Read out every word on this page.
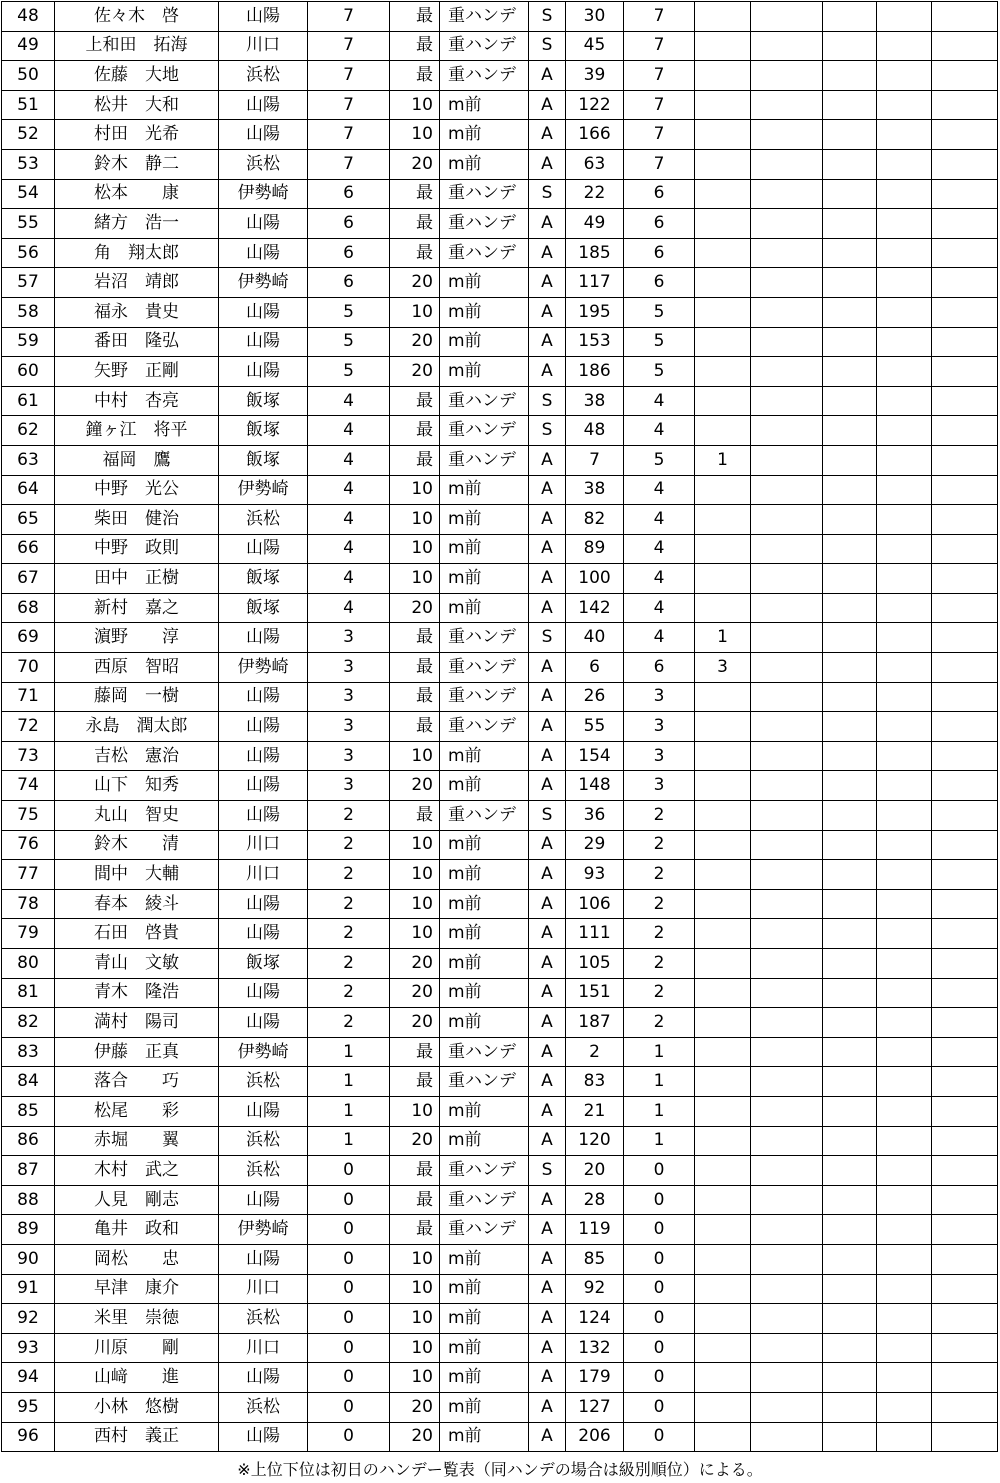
48	佐々木　啓	山陽	7	最	重ハンデ	S	30	7					
49	上和田　拓海	川口	7	最	重ハンデ	S	45	7					
50	佐藤　大地	浜松	7	最	重ハンデ	A	39	7					
51	松井　大和	山陽	7	10	m前	A	122	7					
52	村田　光希	山陽	7	10	m前	A	166	7					
53	鈴木　静二	浜松	7	20	m前	A	63	7					
54	松本　　康	伊勢崎	6	最	重ハンデ	S	22	6					
55	緒方　浩一	山陽	6	最	重ハンデ	A	49	6					
56	角　翔太郎	山陽	6	最	重ハンデ	A	185	6					
57	岩沼　靖郎	伊勢崎	6	20	m前	A	117	6					
58	福永　貴史	山陽	5	10	m前	A	195	5					
59	番田　隆弘	山陽	5	20	m前	A	153	5					
60	矢野　正剛	山陽	5	20	m前	A	186	5					
61	中村　杏亮	飯塚	4	最	重ハンデ	S	38	4					
62	鐘ヶ江　将平	飯塚	4	最	重ハンデ	S	48	4					
63	福岡　鷹	飯塚	4	最	重ハンデ	A	7	5	1				
64	中野　光公	伊勢崎	4	10	m前	A	38	4					
65	柴田　健治	浜松	4	10	m前	A	82	4					
66	中野　政則	山陽	4	10	m前	A	89	4					
67	田中　正樹	飯塚	4	10	m前	A	100	4					
68	新村　嘉之	飯塚	4	20	m前	A	142	4					
69	濵野　　淳	山陽	3	最	重ハンデ	S	40	4	1				
70	西原　智昭	伊勢崎	3	最	重ハンデ	A	6	6	3				
71	藤岡　一樹	山陽	3	最	重ハンデ	A	26	3					
72	永島　潤太郎	山陽	3	最	重ハンデ	A	55	3					
73	吉松　憲治	山陽	3	10	m前	A	154	3					
74	山下　知秀	山陽	3	20	m前	A	148	3					
75	丸山　智史	山陽	2	最	重ハンデ	S	36	2					
76	鈴木　　清	川口	2	10	m前	A	29	2					
77	間中　大輔	川口	2	10	m前	A	93	2					
78	春本　綾斗	山陽	2	10	m前	A	106	2					
79	石田　啓貴	山陽	2	10	m前	A	111	2					
80	青山　文敏	飯塚	2	20	m前	A	105	2					
81	青木　隆浩	山陽	2	20	m前	A	151	2					
82	満村　陽司	山陽	2	20	m前	A	187	2					
83	伊藤　正真	伊勢崎	1	最	重ハンデ	A	2	1					
84	落合　　巧	浜松	1	最	重ハンデ	A	83	1					
85	松尾　　彩	山陽	1	10	m前	A	21	1					
86	赤堀　　翼	浜松	1	20	m前	A	120	1					
87	木村　武之	浜松	0	最	重ハンデ	S	20	0					
88	人見　剛志	山陽	0	最	重ハンデ	A	28	0					
89	亀井　政和	伊勢崎	0	最	重ハンデ	A	119	0					
90	岡松　　忠	山陽	0	10	m前	A	85	0					
91	早津　康介	川口	0	10	m前	A	92	0					
92	米里　崇徳	浜松	0	10	m前	A	124	0					
93	川原　　剛	川口	0	10	m前	A	132	0					
94	山﨑　　進	山陽	0	10	m前	A	179	0					
95	小林　悠樹	浜松	0	20	m前	A	127	0					
96	西村　義正	山陽	0	20	m前	A	206	0					
※上位下位は初日のハンデー覧表（同ハンデの場合は級別順位）による。
